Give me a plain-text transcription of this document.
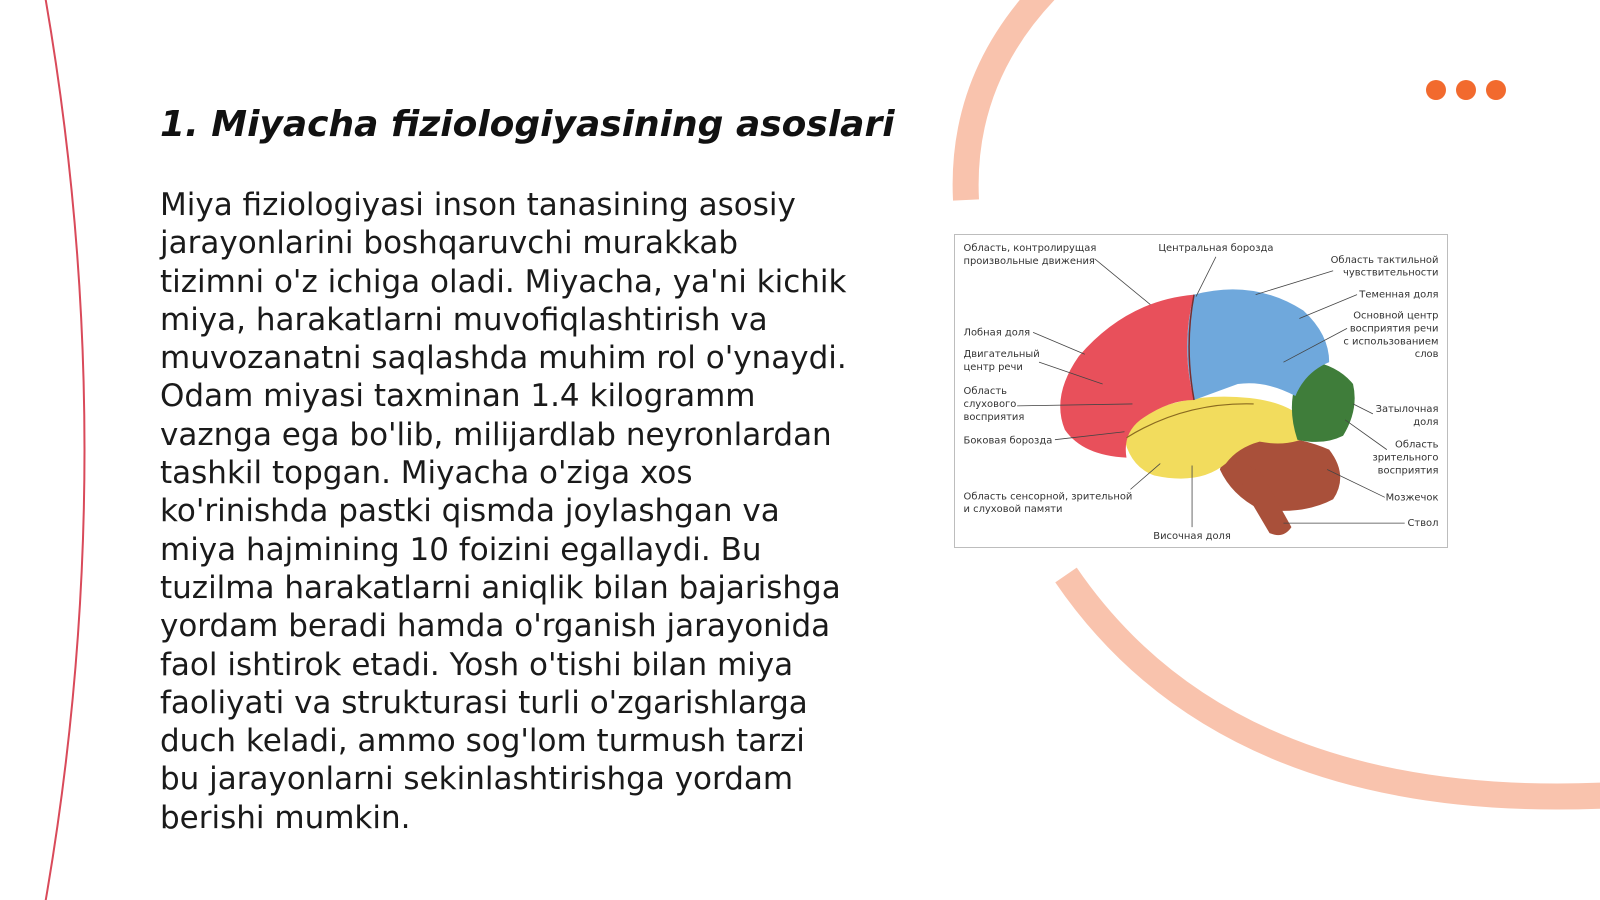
1. Miyacha fiziologiyasining asoslari

Miya fiziologiyasi inson tanasining asosiy jarayonlarini boshqaruvchi murakkab tizimni o'z ichiga oladi. Miyacha, ya'ni kichik miya, harakatlarni muvofiqlashtirish va muvozanatni saqlashda muhim rol o'ynaydi. Odam miyasi taxminan 1.4 kilogramm vaznga ega bo'lib, milijardlab neyronlardan tashkil topgan. Miyacha o'ziga xos ko'rinishda pastki qismda joylashgan va miya hajmining 10 foizini egallaydi. Bu tuzilma harakatlarni aniqlik bilan bajarishga yordam beradi hamda o'rganish jarayonida faol ishtirok etadi. Yosh o'tishi bilan miya faoliyati va strukturasi turli o'zgarishlarga duch keladi, ammo sog'lom turmush tarzi bu jarayonlarni sekinlashtirishga yordam berishi mumkin.

Область, контролирущая произвольные движения
Центральная борозда
Область тактильной чувствительности
Теменная доля
Основной центр восприятия речи с использованием слов
Лобная доля
Двигательный центр речи
Область слухового восприятия
Боковая борозда
Затылочная доля
Область зрительного восприятия
Мозжечок
Область сенсорной, зрительной и слуховой памяти
Ствол
Височная доля
